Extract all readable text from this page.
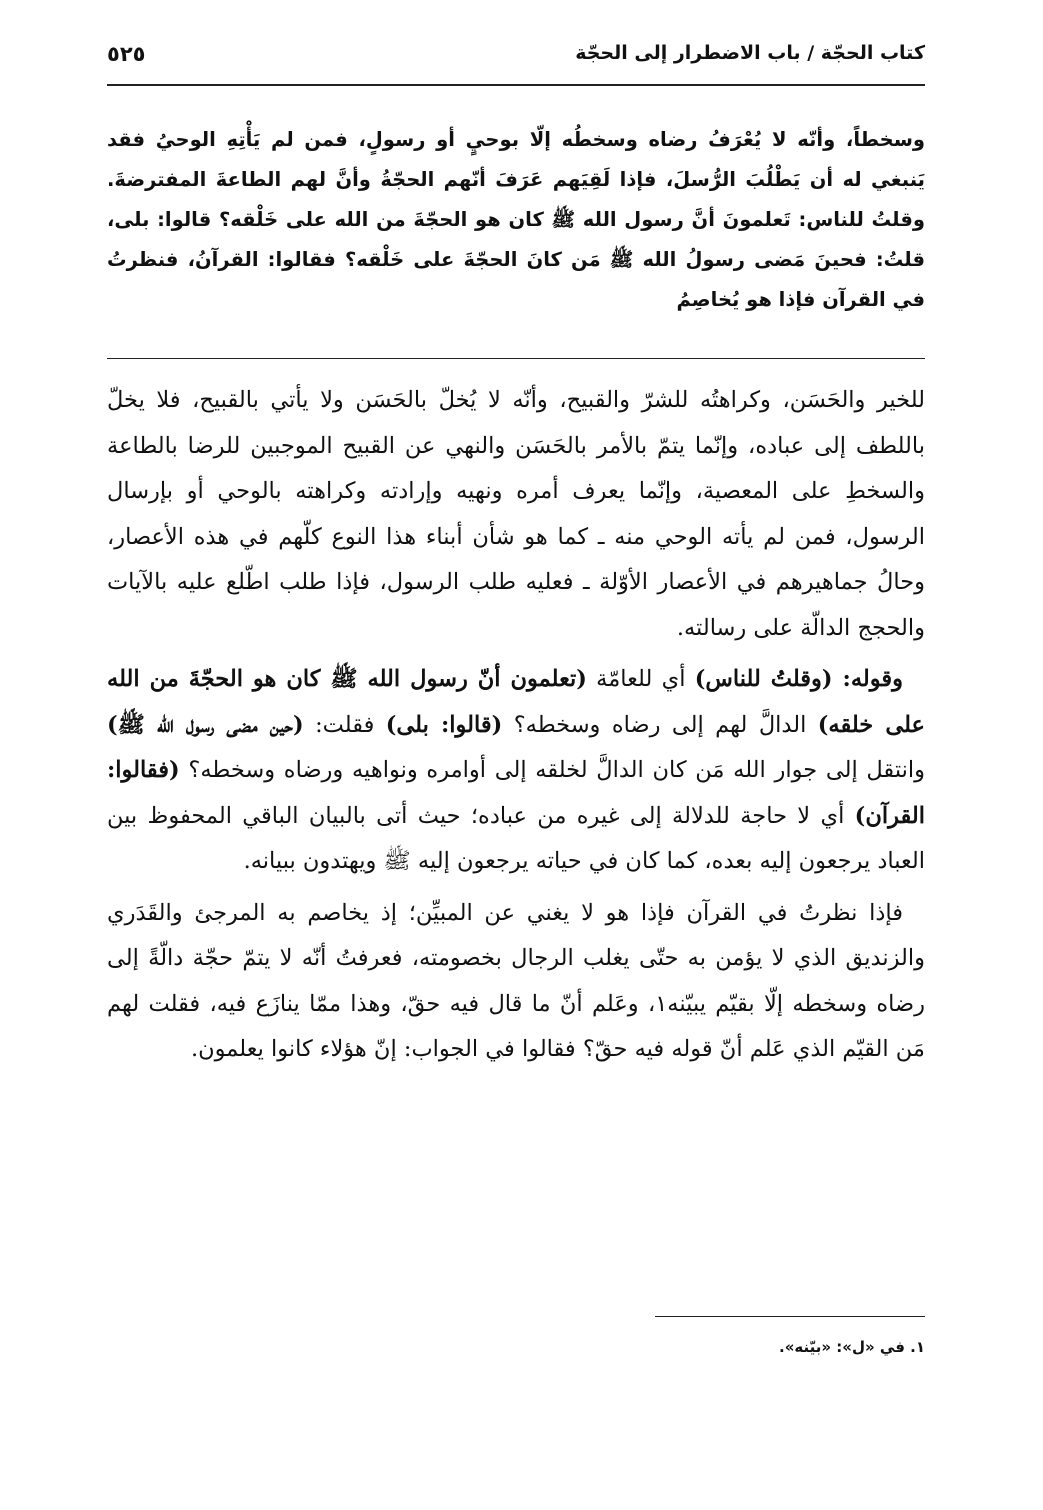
كتاب الحجّة / باب الاضطرار إلى الحجّة
٥٢٥
وسخطاً، وأنّه لا يُعْرَفُ رضاه وسخطُه إلّا بوحيٍ أو رسولٍ، فمن لم يَأْتِهِ الوحيُ فقد يَنبغي له أن يَطْلُبَ الرُّسلَ، فإذا لَقِيَهم عَرَفَ أنّهم الحجّةُ وأنَّ لهم الطاعةَ المفترضةَ. وقلتُ للناس: تَعلمونَ أنَّ رسول الله ﷺ كان هو الحجّةَ من الله على خَلْقه؟ قالوا: بلى، قلتُ: فحينَ مَضى رسولُ الله ﷺ مَن كانَ الحجّةَ على خَلْقه؟ فقالوا: القرآنُ، فنظرتُ في القرآن فإذا هو يُخاصِمُ

للخير والحَسَن، وكراهتُه للشرّ والقبيح، وأنّه لا يُخلّ بالحَسَن ولا يأتي بالقبيح، فلا يخلّ باللطف إلى عباده، وإنّما يتمّ بالأمر بالحَسَن والنهي عن القبيح الموجبين للرضا بالطاعة والسخطِ على المعصية، وإنّما يعرف أمره ونهيه وإرادته وكراهته بالوحي أو بإرسال الرسول، فمن لم يأته الوحي منه ـ كما هو شأن أبناء هذا النوع كلّهم في هذه الأعصار، وحالُ جماهيرهم في الأعصار الأوّلة ـ فعليه طلب الرسول، فإذا طلب اطّلع عليه بالآيات والحجج الدالّة على رسالته.

وقوله: (وقلتُ للناس) أي للعامّة (تعلمون أنّ رسول الله ﷺ كان هو الحجّةَ من الله على خلقه) الدالَّ لهم إلى رضاه وسخطه؟ (قالوا: بلى) فقلت: (حين مضى رسول الله ﷺ) وانتقل إلى جوار الله مَن كان الدالَّ لخلقه إلى أوامره ونواهيه ورضاه وسخطه؟ (فقالوا: القرآن) أي لا حاجة للدلالة إلى غيره من عباده؛ حيث أتى بالبيان الباقي المحفوظ بين العباد يرجعون إليه بعده، كما كان في حياته يرجعون إليه ﷺ ويهتدون ببيانه.

فإذا نظرتُ في القرآن فإذا هو لا يغني عن المبيِّن؛ إذ يخاصم به المرجئ والقَدَري والزنديق الذي لا يؤمن به حتّى يغلب الرجال بخصومته، فعرفتُ أنّه لا يتمّ حجّة دالّةً إلى رضاه وسخطه إلّا بقيّم يبيّنه١، وعَلم أنّ ما قال فيه حقّ، وهذا ممّا ينازَع فيه، فقلت لهم مَن القيّم الذي عَلم أنّ قوله فيه حقّ؟ فقالوا في الجواب: إنّ هؤلاء كانوا يعلمون.

١. في «ل»: «بيّنه».
